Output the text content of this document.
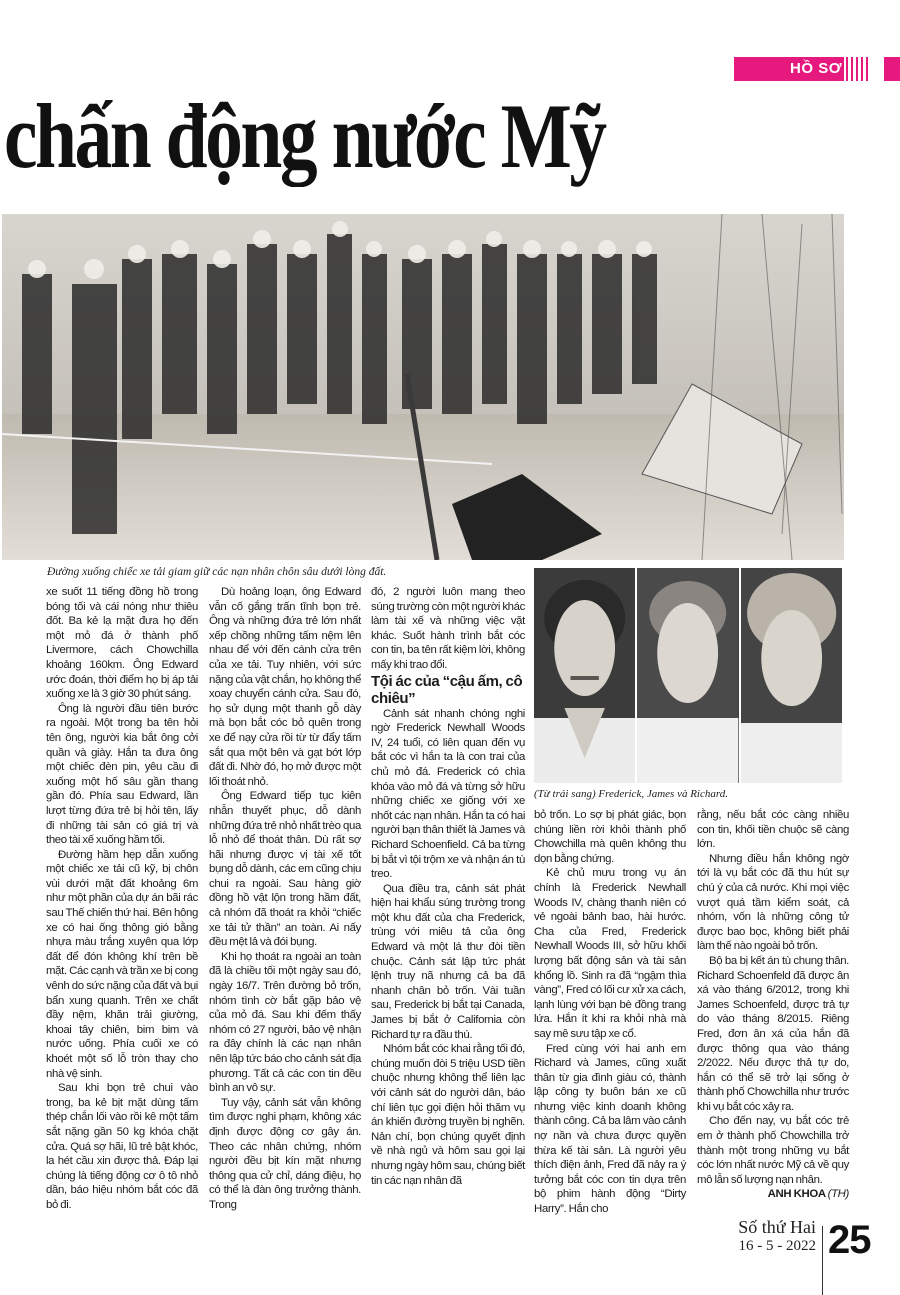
HỒ SƠ
chấn động nước Mỹ
Đường xuống chiếc xe tải giam giữ các nạn nhân chôn sâu dưới lòng đất.

xe suốt 11 tiếng đồng hồ trong bóng tối và cái nóng như thiêu đốt. Ba kẻ lạ mặt đưa họ đến một mỏ đá ở thành phố Livermore, cách Chowchilla khoảng 160km. Ông Edward ước đoán, thời điểm họ bị áp tải xuống xe là 3 giờ 30 phút sáng.

Ông là người đầu tiên bước ra ngoài. Một trong ba tên hỏi tên ông, người kia bắt ông cởi quần và giày. Hắn ta đưa ông một chiếc đèn pin, yêu cầu đi xuống một hố sâu gần thang gần đó. Phía sau Edward, lần lượt từng đứa trẻ bị hỏi tên, lấy đi những tài sản có giá trị và theo tài xế xuống hầm tối.

Đường hầm hẹp dẫn xuống một chiếc xe tải cũ kỹ, bị chôn vùi dưới mặt đất khoảng 6m như một phần của dự án bãi rác sau Thế chiến thứ hai. Bên hông xe có hai ống thông gió bằng nhựa màu trắng xuyên qua lớp đất để đón không khí trên bề mặt. Các cạnh và trần xe bị cong vênh do sức nặng của đất và bụi bẩn xung quanh. Trên xe chất đầy nệm, khăn trải giường, khoai tây chiên, bim bim và nước uống. Phía cuối xe có khoét một số lỗ tròn thay cho nhà vệ sinh.

Sau khi bọn trẻ chui vào trong, ba kẻ bịt mặt dùng tấm thép chắn lối vào rồi kê một tấm sắt nặng gần 50 kg khóa chặt cửa. Quá sợ hãi, lũ trẻ bật khóc, la hét cầu xin được thả. Đáp lại chúng là tiếng động cơ ô tô nhỏ dần, báo hiệu nhóm bắt cóc đã bỏ đi.

Dù hoảng loạn, ông Edward vẫn cố gắng trấn tĩnh bọn trẻ. Ông và những đứa trẻ lớn nhất xếp chồng những tấm nệm lên nhau để với đến cánh cửa trên của xe tải. Tuy nhiên, với sức nặng của vật chắn, họ không thể xoay chuyển cánh cửa. Sau đó, họ sử dụng một thanh gỗ dày mà bọn bắt cóc bỏ quên trong xe để nạy cửa rồi từ từ đẩy tấm sắt qua một bên và gạt bớt lớp đất đi. Nhờ đó, họ mở được một lối thoát nhỏ.

Ông Edward tiếp tục kiên nhẫn thuyết phục, dỗ dành những đứa trẻ nhỏ nhất trèo qua lỗ nhỏ để thoát thân. Dù rất sợ hãi nhưng được vị tài xế tốt bụng dỗ dành, các em cũng chịu chui ra ngoài. Sau hàng giờ đồng hồ vật lộn trong hầm đất, cả nhóm đã thoát ra khỏi “chiếc xe tải tử thần” an toàn. Ai nấy đều mệt lả và đói bụng.

Khi họ thoát ra ngoài an toàn đã là chiều tối một ngày sau đó, ngày 16/7. Trên đường bỏ trốn, nhóm tình cờ bắt gặp bảo vệ của mỏ đá. Sau khi đếm thấy nhóm có 27 người, bảo vệ nhận ra đây chính là các nạn nhân nên lập tức báo cho cảnh sát địa phương. Tất cả các con tin đều bình an vô sự.

Tuy vậy, cảnh sát vẫn không tìm được nghi phạm, không xác định được động cơ gây án. Theo các nhân chứng, nhóm người đều bịt kín mặt nhưng thông qua cử chỉ, dáng điệu, họ có thể là đàn ông trưởng thành. Trong

đó, 2 người luôn mang theo súng trường còn một người khác làm tài xế và những việc vặt khác. Suốt hành trình bắt cóc con tin, ba tên rất kiệm lời, không mấy khi trao đổi.

Tội ác của “cậu ấm, cô chiêu”

Cảnh sát nhanh chóng nghi ngờ Frederick Newhall Woods IV, 24 tuổi, có liên quan đến vụ bắt cóc vì hắn ta là con trai của chủ mỏ đá. Frederick có chìa khóa vào mỏ đá và từng sở hữu những chiếc xe giống với xe nhốt các nạn nhân. Hắn ta có hai người bạn thân thiết là James và Richard Schoenfield. Cả ba từng bị bắt vì tội trộm xe và nhận án tù treo.

Qua điều tra, cảnh sát phát hiện hai khẩu súng trường trong một khu đất của cha Frederick, trùng với miêu tả của ông Edward và một lá thư đòi tiền chuộc. Cảnh sát lập tức phát lệnh truy nã nhưng cả ba đã nhanh chân bỏ trốn. Vài tuần sau, Frederick bị bắt tại Canada, James bị bắt ở California còn Richard tự ra đầu thú.

Nhóm bắt cóc khai rằng tối đó, chúng muốn đòi 5 triệu USD tiền chuộc nhưng không thể liên lạc với cảnh sát do người dân, báo chí liên tục gọi điện hỏi thăm vụ án khiến đường truyền bị nghẽn. Nản chí, bọn chúng quyết định về nhà ngủ và hôm sau gọi lại nhưng ngày hôm sau, chúng biết tin các nạn nhân đã

(Từ trái sang) Frederick, James và Richard.

bỏ trốn. Lo sợ bị phát giác, bọn chúng liền rời khỏi thành phố Chowchilla mà quên không thu dọn bằng chứng.

Kẻ chủ mưu trong vụ án chính là Frederick Newhall Woods IV, chàng thanh niên có vẻ ngoài bảnh bao, hài hước. Cha của Fred, Frederick Newhall Woods III, sở hữu khối lượng bất động sản và tài sản khổng lồ. Sinh ra đã “ngậm thìa vàng”, Fred có lối cư xử xa cách, lạnh lùng với bạn bè đồng trang lứa. Hắn ít khi ra khỏi nhà mà say mê sưu tập xe cổ.

Fred cùng với hai anh em Richard và James, cũng xuất thân từ gia đình giàu có, thành lập công ty buôn bán xe cũ nhưng việc kinh doanh không thành công. Cả ba lâm vào cảnh nợ nần và chưa được quyền thừa kế tài sản. Là người yêu thích điện ảnh, Fred đã nảy ra ý tưởng bắt cóc con tin dựa trên bộ phim hành động “Dirty Harry”. Hắn cho

rằng, nếu bắt cóc càng nhiều con tin, khối tiền chuộc sẽ càng lớn.

Nhưng điều hắn không ngờ tới là vụ bắt cóc đã thu hút sự chú ý của cả nước. Khi mọi việc vượt quá tầm kiểm soát, cả nhóm, vốn là những công tử được bao bọc, không biết phải làm thế nào ngoài bỏ trốn.

Bộ ba bị kết án tù chung thân. Richard Schoenfeld đã được ân xá vào tháng 6/2012, trong khi James Schoenfeld, được trả tự do vào tháng 8/2015. Riêng Fred, đơn ân xá của hắn đã được thông qua vào tháng 2/2022. Nếu được thả tự do, hắn có thể sẽ trở lại sống ở thành phố Chowchilla như trước khi vụ bắt cóc xảy ra.

Cho đến nay, vụ bắt cóc trẻ em ở thành phố Chowchilla trở thành một trong những vụ bắt cóc lớn nhất nước Mỹ cả về quy mô lẫn số lượng nạn nhân.

ANH KHOA (TH)

Số thứ Hai
16 - 5 - 2022 25
